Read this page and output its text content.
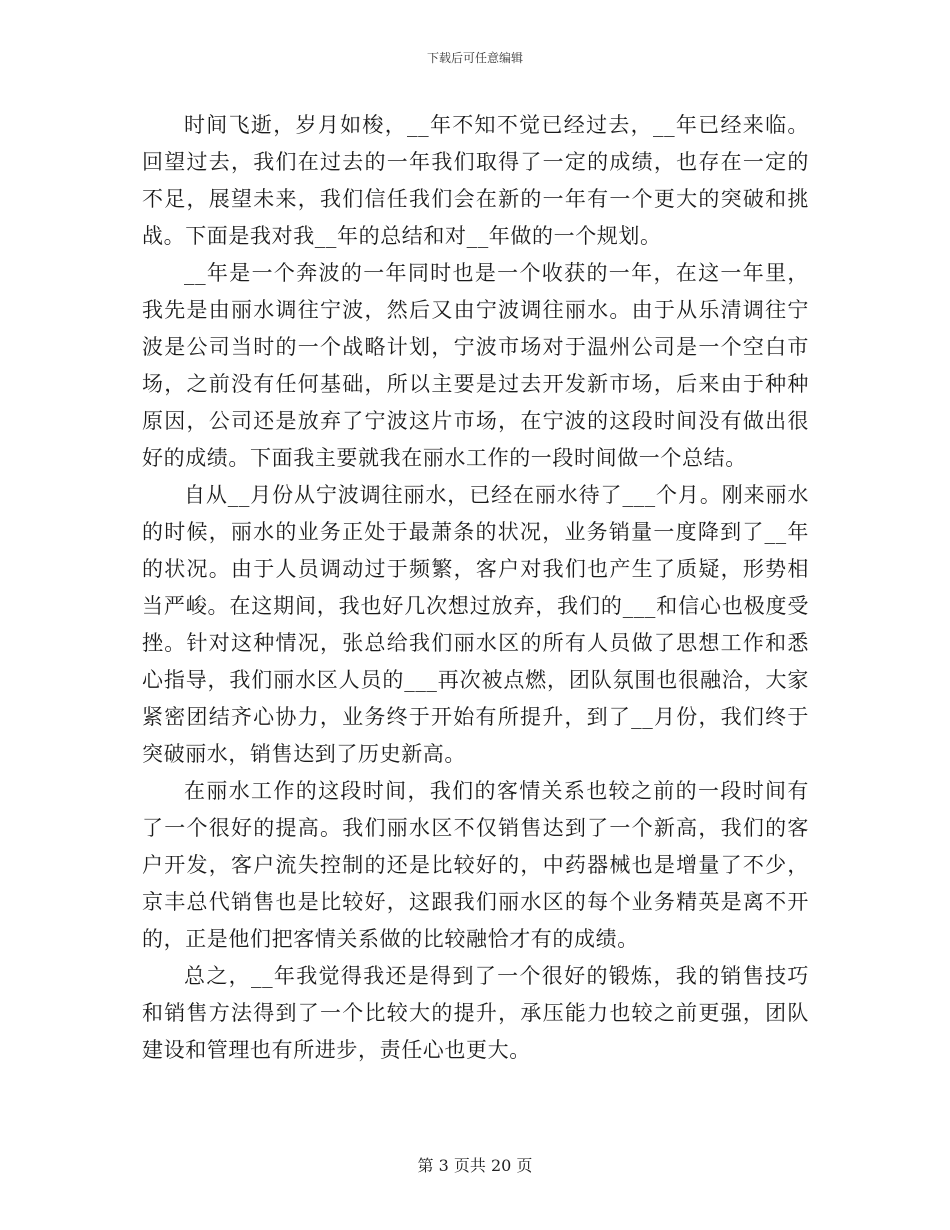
下载后可任意编辑

时间飞逝，岁月如梭，__年不知不觉已经过去，__年已经来临。回望过去，我们在过去的一年我们取得了一定的成绩，也存在一定的不足，展望未来，我们信任我们会在新的一年有一个更大的突破和挑战。下面是我对我__年的总结和对__年做的一个规划。

__年是一个奔波的一年同时也是一个收获的一年，在这一年里，我先是由丽水调往宁波，然后又由宁波调往丽水。由于从乐清调往宁波是公司当时的一个战略计划，宁波市场对于温州公司是一个空白市场，之前没有任何基础，所以主要是过去开发新市场，后来由于种种原因，公司还是放弃了宁波这片市场，在宁波的这段时间没有做出很好的成绩。下面我主要就我在丽水工作的一段时间做一个总结。

自从__月份从宁波调往丽水，已经在丽水待了___个月。刚来丽水的时候，丽水的业务正处于最萧条的状况，业务销量一度降到了__年的状况。由于人员调动过于频繁，客户对我们也产生了质疑，形势相当严峻。在这期间，我也好几次想过放弃，我们的___和信心也极度受挫。针对这种情况，张总给我们丽水区的所有人员做了思想工作和悉心指导，我们丽水区人员的___再次被点燃，团队氛围也很融洽，大家紧密团结齐心协力，业务终于开始有所提升，到了__月份，我们终于突破丽水，销售达到了历史新高。

在丽水工作的这段时间，我们的客情关系也较之前的一段时间有了一个很好的提高。我们丽水区不仅销售达到了一个新高，我们的客户开发，客户流失控制的还是比较好的，中药器械也是增量了不少，京丰总代销售也是比较好，这跟我们丽水区的每个业务精英是离不开的，正是他们把客情关系做的比较融恰才有的成绩。

总之，__年我觉得我还是得到了一个很好的锻炼，我的销售技巧和销售方法得到了一个比较大的提升，承压能力也较之前更强，团队建设和管理也有所进步，责任心也更大。

第 3 页共 20 页
